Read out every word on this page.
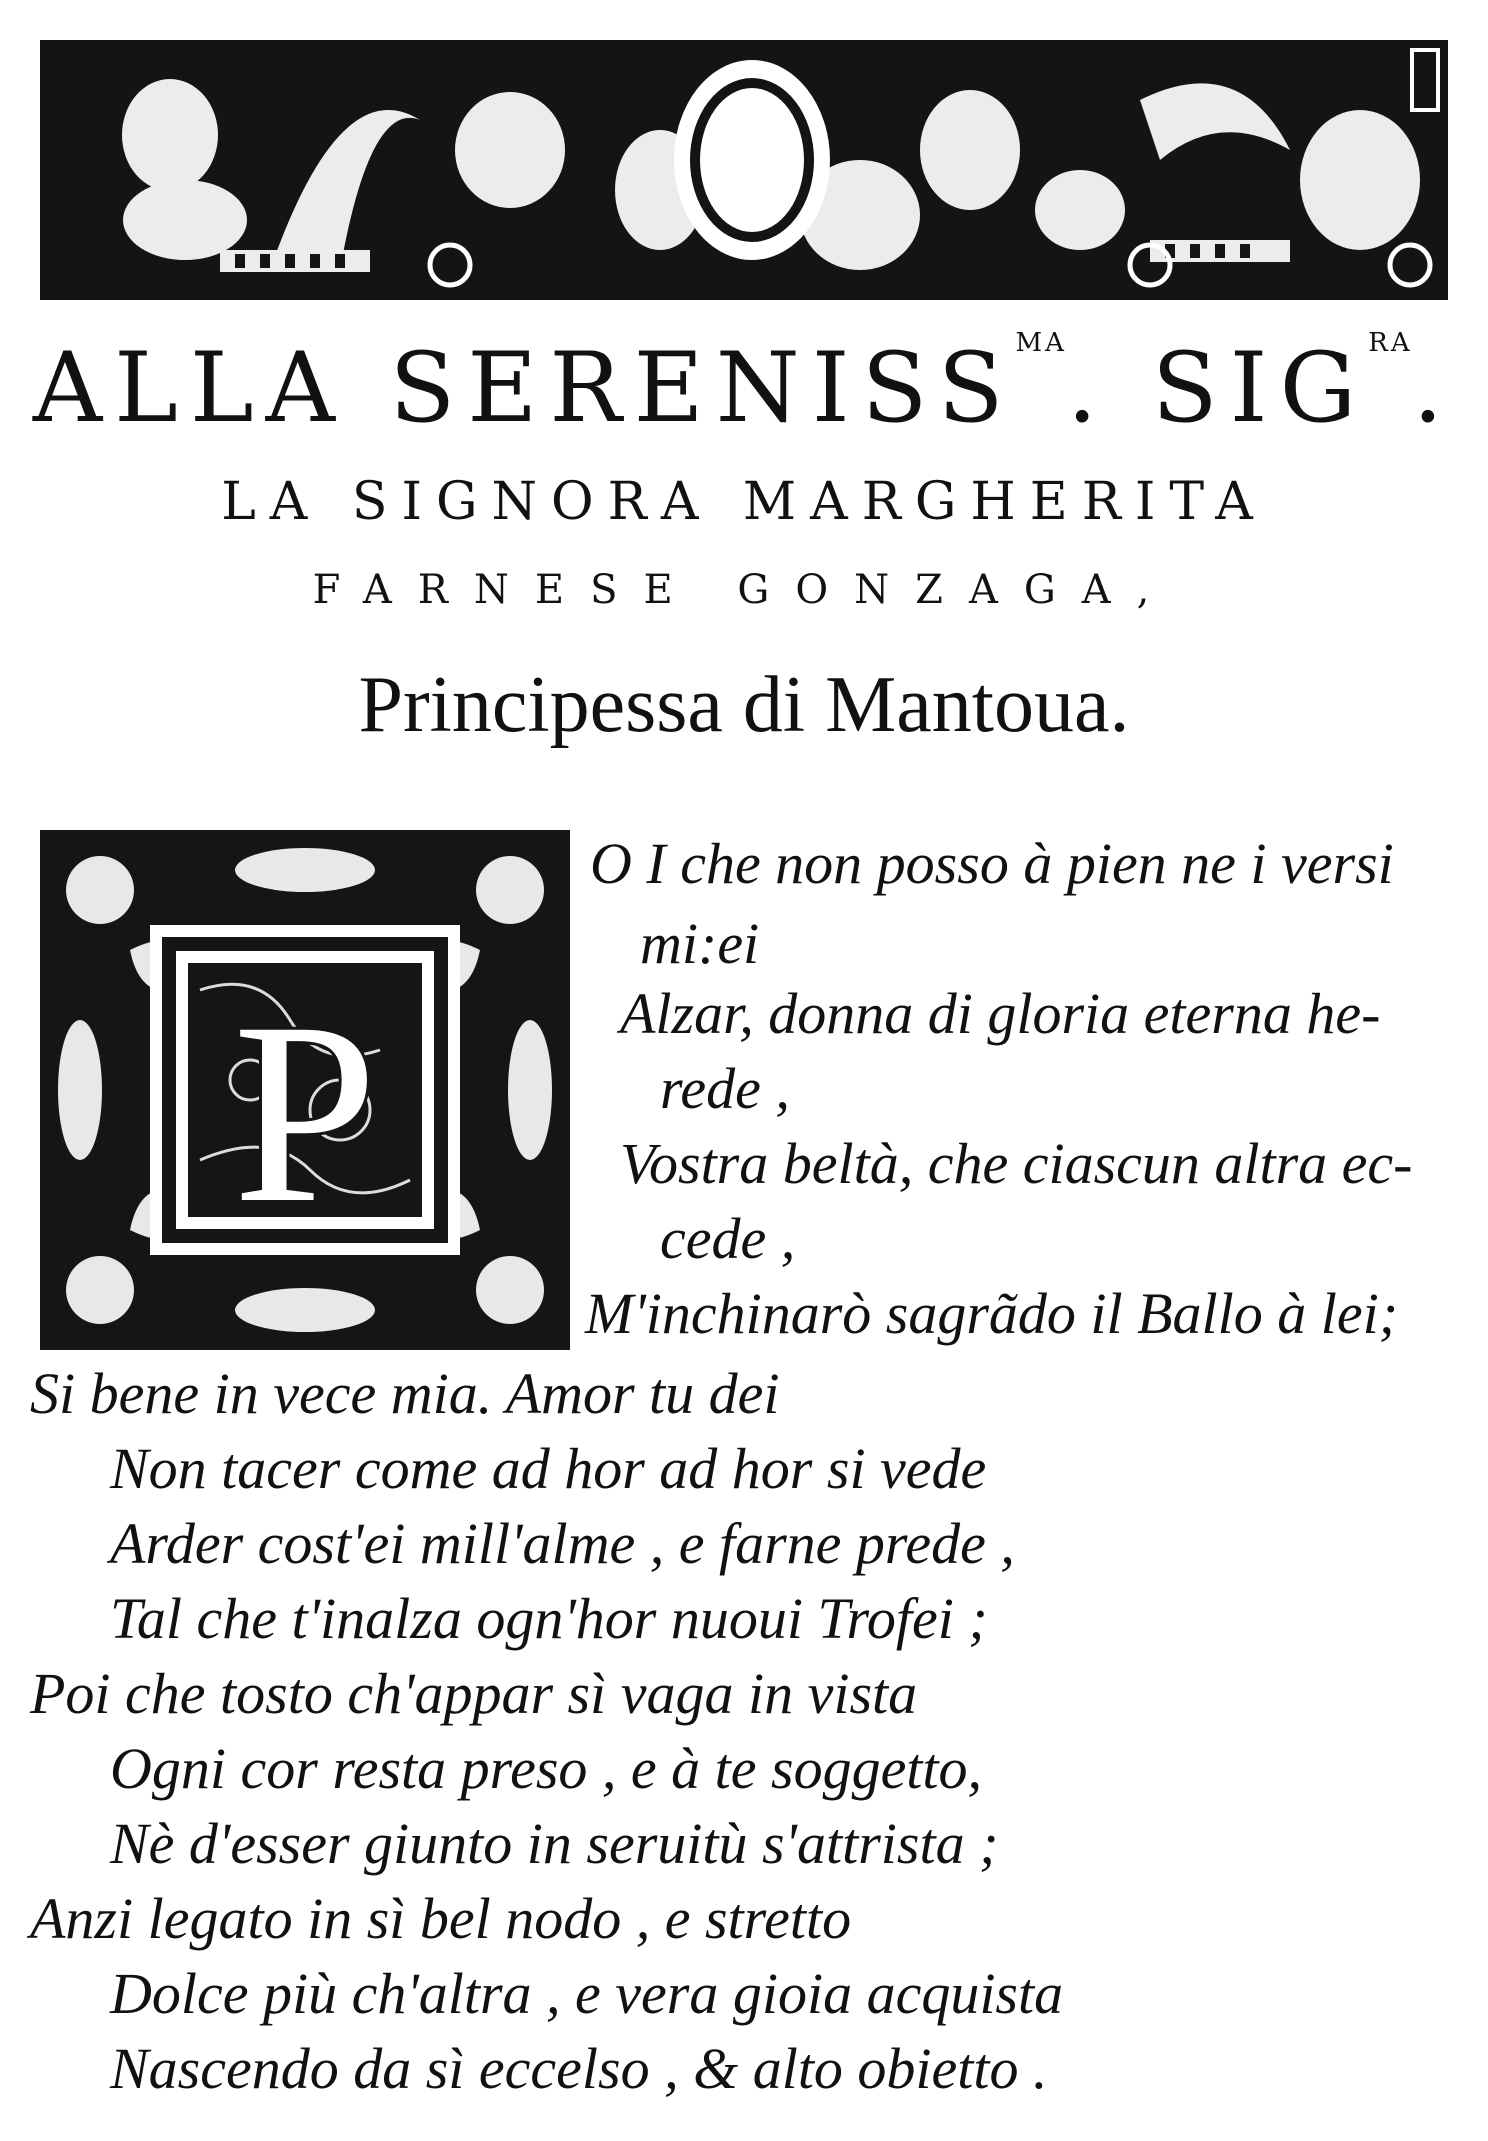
ALLA $SERENISS^{MA}$. $SIG^{RA}$.
LA SIGNORA MARGHERITA
FARNESE GONZAGA,
Principessa di Mantoua.
P
O I che non posso à pien ne i versi
mi:ei
Alzar, donna di gloria eterna he-
rede ,
Vostra beltà, che ciascun altra ec-
cede ,
M'inchinarò sagrãdo il Ballo à lei;
Si bene in vece mia. Amor tu dei
Non tacer come ad hor ad hor si vede
Arder cost'ei mill'alme , e farne prede ,
Tal che t'inalza ogn'hor nuoui Trofei ;
Poi che tosto ch'appar sì vaga in vista
Ogni cor resta preso , e à te soggetto,
Nè d'esser giunto in seruitù s'attrista ;
Anzi legato in sì bel nodo , e stretto
Dolce più ch'altra , e vera gioia acquista
Nascendo da sì eccelso , & alto obietto .
